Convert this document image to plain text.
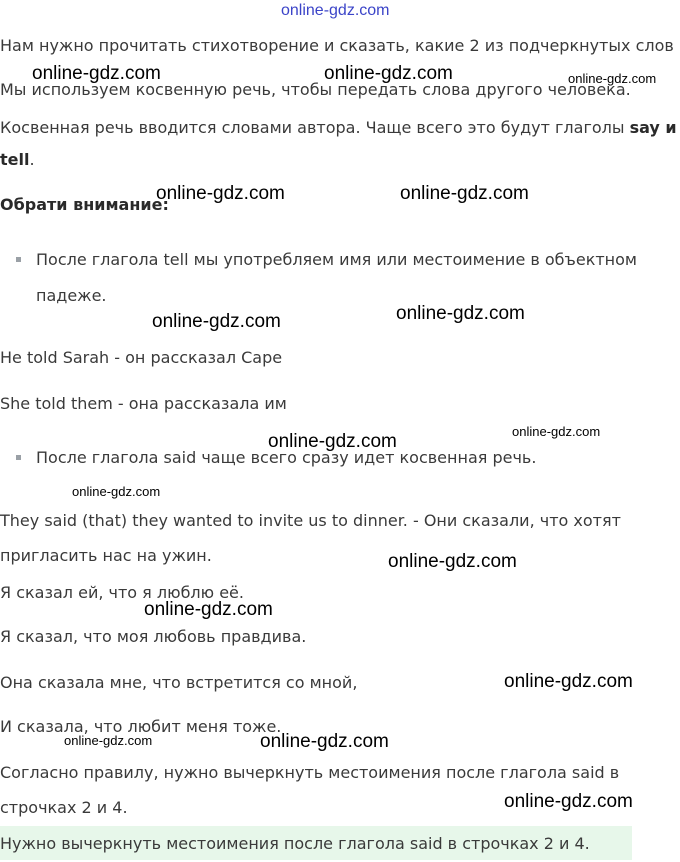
online-gdz.com
Нам нужно прочитать стихотворение и сказать, какие 2 из подчеркнутых слов
Мы используем косвенную речь, чтобы передать слова другого человека.
Косвенная речь вводится словами автора. Чаще всего это будут глаголы say и
tell.
Обрати внимание:
После глагола tell мы употребляем имя или местоимение в объектном
падеже.
He told Sarah - он рассказал Саре
She told them - она рассказала им
После глагола said чаще всего сразу идет косвенная речь.
They said (that) they wanted to invite us to dinner. - Они сказали, что хотят
пригласить нас на ужин.
Я сказал ей, что я люблю её.
Я сказал, что моя любовь правдива.
Она сказала мне, что встретится со мной,
И сказала, что любит меня тоже.
Согласно правилу, нужно вычеркнуть местоимения после глагола said в
строчках 2 и 4.
Нужно вычеркнуть местоимения после глагола said в строчках 2 и 4.
online-gdz.com	online-gdz.com	online-gdz.com
online-gdz.com	online-gdz.com
online-gdz.com	online-gdz.com
online-gdz.com	online-gdz.com
online-gdz.com
online-gdz.com
online-gdz.com
online-gdz.com
online-gdz.com	online-gdz.com
online-gdz.com
